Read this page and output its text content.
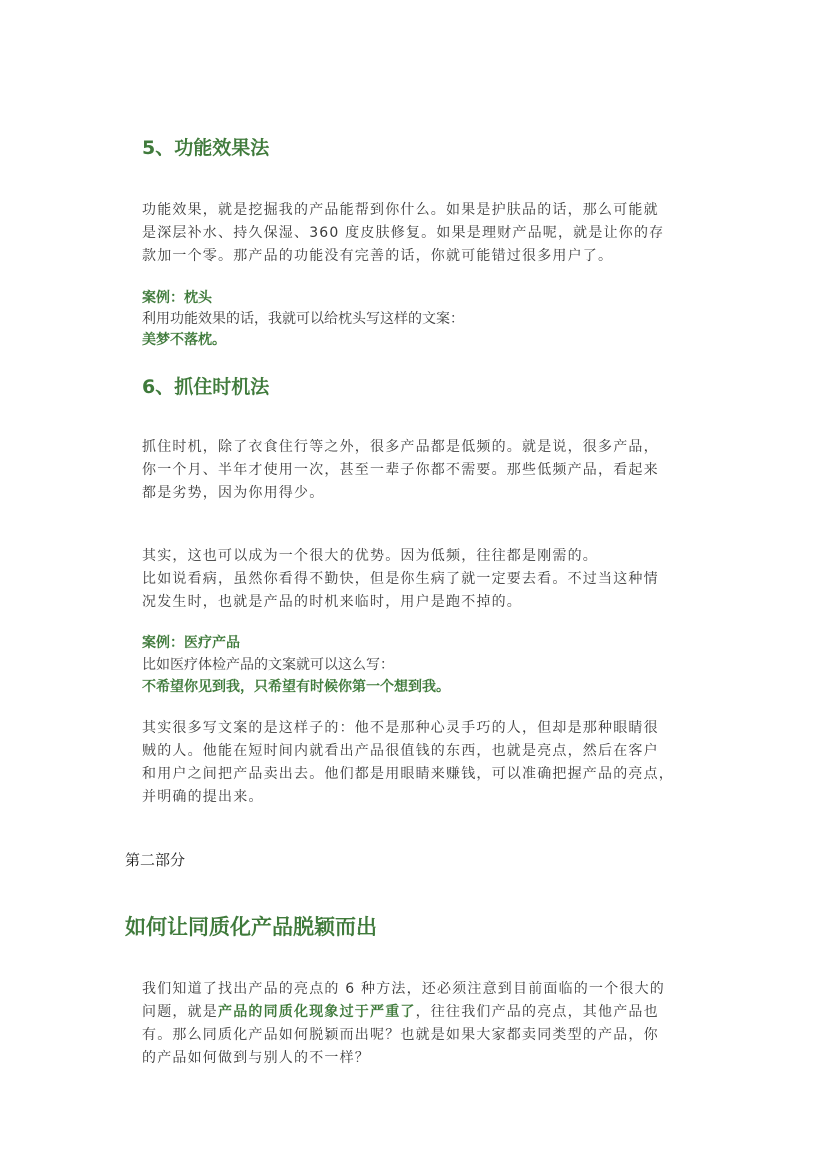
5、功能效果法

功能效果，就是挖掘我的产品能帮到你什么。如果是护肤品的话，那么可能就

是深层补水、持久保湿、360 度皮肤修复。如果是理财产品呢，就是让你的存

款加一个零。那产品的功能没有完善的话，你就可能错过很多用户了。

案例：枕头
利用功能效果的话，我就可以给枕头写这样的文案：
美梦不落枕。
6、抓住时机法

抓住时机，除了衣食住行等之外，很多产品都是低频的。就是说，很多产品，

你一个月、半年才使用一次，甚至一辈子你都不需要。那些低频产品，看起来

都是劣势，因为你用得少。

其实，这也可以成为一个很大的优势。因为低频，往往都是刚需的。

比如说看病，虽然你看得不勤快，但是你生病了就一定要去看。不过当这种情

况发生时，也就是产品的时机来临时，用户是跑不掉的。

案例：医疗产品
比如医疗体检产品的文案就可以这么写：
不希望你见到我，只希望有时候你第一个想到我。

其实很多写文案的是这样子的：他不是那种心灵手巧的人，但却是那种眼睛很

贼的人。他能在短时间内就看出产品很值钱的东西，也就是亮点，然后在客户

和用户之间把产品卖出去。他们都是用眼睛来赚钱，可以准确把握产品的亮点，

并明确的提出来。

第二部分
如何让同质化产品脱颖而出

我们知道了找出产品的亮点的 6 种方法，还必须注意到目前面临的一个很大的

问题，就是产品的同质化现象过于严重了，往往我们产品的亮点，其他产品也

有。那么同质化产品如何脱颖而出呢？也就是如果大家都卖同类型的产品，你

的产品如何做到与别人的不一样？
